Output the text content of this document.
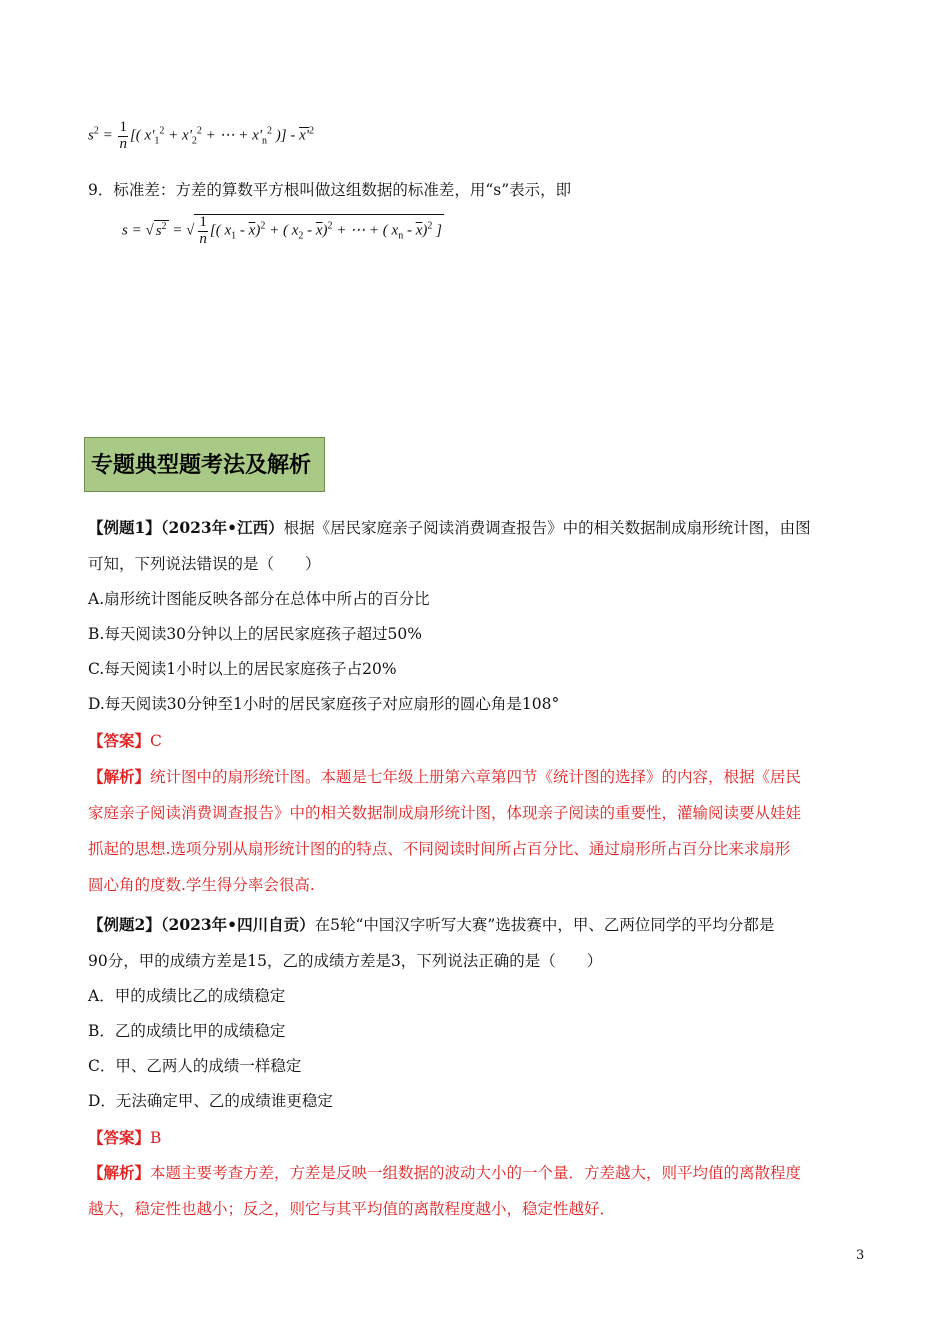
$s^2 = \frac{1}{n}$ [( $x'_1^2 + x'_2^2$ + ⋯ + $x'_n^2$ )] - $x'^2$
9．标准差：方差的算数平方根叫做这组数据的标准差，用“s”表示，即
s = √ $s^2$ = √ $\frac{1}{n}$ [( $x_1 - \overline{x})^2$ + ( $x_2 - \overline{x})^2$ + ⋯ + ( $x_n - \overline{x})^2$ ]
专题典型题考法及解析
【例题1】（2023年•江西）根据《居民家庭亲子阅读消费调查报告》中的相关数据制成扇形统计图，由图
可知，下列说法错误的是（　　）
A.扇形统计图能反映各部分在总体中所占的百分比
B.每天阅读30分钟以上的居民家庭孩子超过50%
C.每天阅读1小时以上的居民家庭孩子占20%
D.每天阅读30分钟至1小时的居民家庭孩子对应扇形的圆心角是108°
【答案】C
【解析】统计图中的扇形统计图。本题是七年级上册第六章第四节《统计图的选择》的内容，根据《居民
家庭亲子阅读消费调查报告》中的相关数据制成扇形统计图，体现亲子阅读的重要性，灌输阅读要从娃娃
抓起的思想.选项分别从扇形统计图的的特点、不同阅读时间所占百分比、通过扇形所占百分比来求扇形
圆心角的度数.学生得分率会很高.
【例题2】（2023年•四川自贡）在5轮“中国汉字听写大赛”选拔赛中，甲、乙两位同学的平均分都是
90分，甲的成绩方差是15，乙的成绩方差是3，下列说法正确的是（　　）
A．甲的成绩比乙的成绩稳定
B．乙的成绩比甲的成绩稳定
C．甲、乙两人的成绩一样稳定
D．无法确定甲、乙的成绩谁更稳定
【答案】B
【解析】本题主要考查方差，方差是反映一组数据的波动大小的一个量．方差越大，则平均值的离散程度
越大，稳定性也越小；反之，则它与其平均值的离散程度越小，稳定性越好．
3
